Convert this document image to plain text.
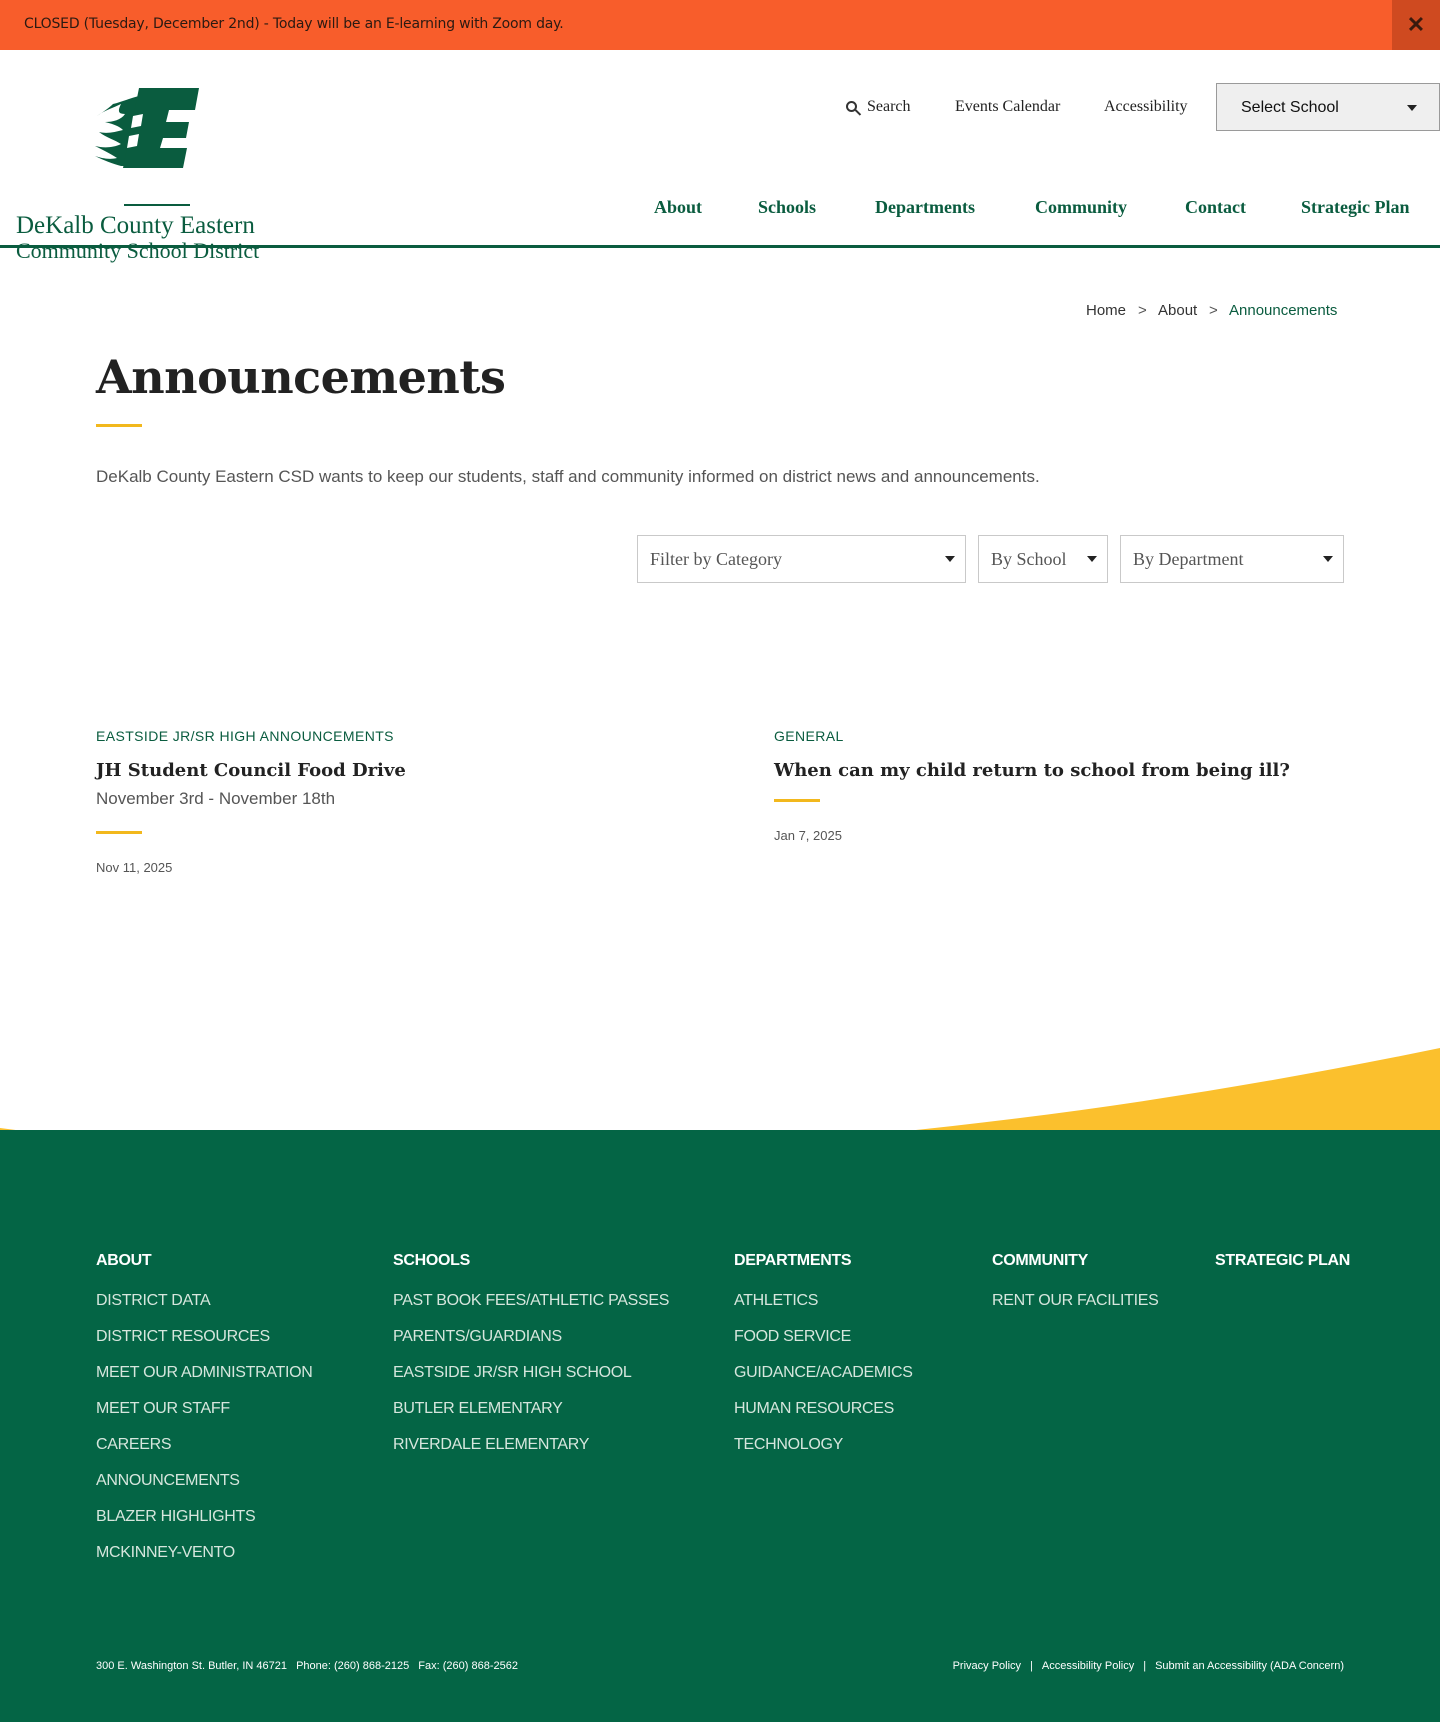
CLOSED (Tuesday, December 2nd) - Today will be an E-learning with Zoom day.	✕
DeKalb County Eastern
Community School District
Search	Events Calendar	Accessibility	Select School
About	Schools	Departments	Community	Contact	Strategic Plan
Home > About > Announcements
Announcements

DeKalb County Eastern CSD wants to keep our students, staff and community informed on district news and announcements.

Filter by Category	By School	By Department
EASTSIDE JR/SR HIGH ANNOUNCEMENTS
JH Student Council Food Drive
November 3rd - November 18th
Nov 11, 2025
GENERAL
When can my child return to school from being ill?
Jan 7, 2025
ABOUT
DISTRICT DATA
DISTRICT RESOURCES
MEET OUR ADMINISTRATION
MEET OUR STAFF
CAREERS
ANNOUNCEMENTS
BLAZER HIGHLIGHTS
MCKINNEY-VENTO
SCHOOLS
PAST BOOK FEES/ATHLETIC PASSES
PARENTS/GUARDIANS
EASTSIDE JR/SR HIGH SCHOOL
BUTLER ELEMENTARY
RIVERDALE ELEMENTARY
DEPARTMENTS
ATHLETICS
FOOD SERVICE
GUIDANCE/ACADEMICS
HUMAN RESOURCES
TECHNOLOGY
COMMUNITY
RENT OUR FACILITIES
STRATEGIC PLAN
300 E. Washington St. Butler, IN 46721 Phone: (260) 868-2125 Fax: (260) 868-2562	Privacy Policy | Accessibility Policy | Submit an Accessibility (ADA Concern)
